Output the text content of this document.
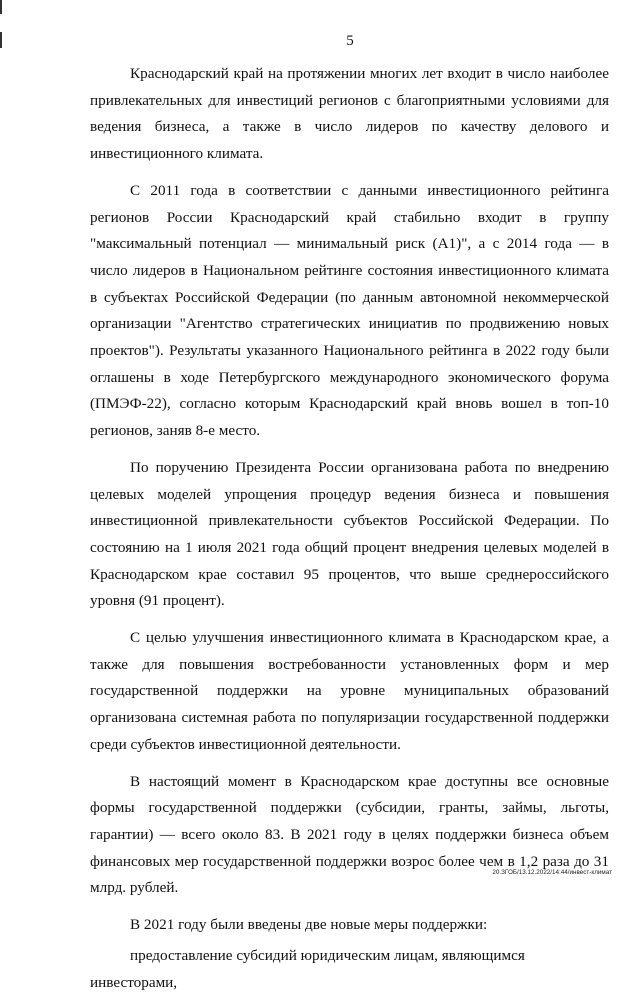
5

Краснодарский край на протяжении многих лет входит в число наиболее привлекательных для инвестиций регионов с благоприятными условиями для ведения бизнеса, а также в число лидеров по качеству делового и инвестиционного климата.

С 2011 года в соответствии с данными инвестиционного рейтинга регионов России Краснодарский край стабильно входит в группу "максимальный потенциал — минимальный риск (А1)", а с 2014 года — в число лидеров в Национальном рейтинге состояния инвестиционного климата в субъектах Российской Федерации (по данным автономной некоммерческой организации "Агентство стратегических инициатив по продвижению новых проектов"). Результаты указанного Национального рейтинга в 2022 году были оглашены в ходе Петербургского международного экономического форума (ПМЭФ-22), согласно которым Краснодарский край вновь вошел в топ-10 регионов, заняв 8-е место.

По поручению Президента России организована работа по внедрению целевых моделей упрощения процедур ведения бизнеса и повышения инвестиционной привлекательности субъектов Российской Федерации. По состоянию на 1 июля 2021 года общий процент внедрения целевых моделей в Краснодарском крае составил 95 процентов, что выше среднероссийского уровня (91 процент).

С целью улучшения инвестиционного климата в Краснодарском крае, а также для повышения востребованности установленных форм и мер государственной поддержки на уровне муниципальных образований организована системная работа по популяризации государственной поддержки среди субъектов инвестиционной деятельности.

В настоящий момент в Краснодарском крае доступны все основные формы государственной поддержки (субсидии, гранты, займы, льготы, гарантии) — всего около 83. В 2021 году в целях поддержки бизнеса объем финансовых мер государственной поддержки возрос более чем в 1,2 раза до 31 млрд. рублей.

В 2021 году были введены две новые меры поддержки:

предоставление субсидий юридическим лицам, являющимся инвесторами,

20.ЗГОБ/13.12.2022/14:44/инвест-климат
